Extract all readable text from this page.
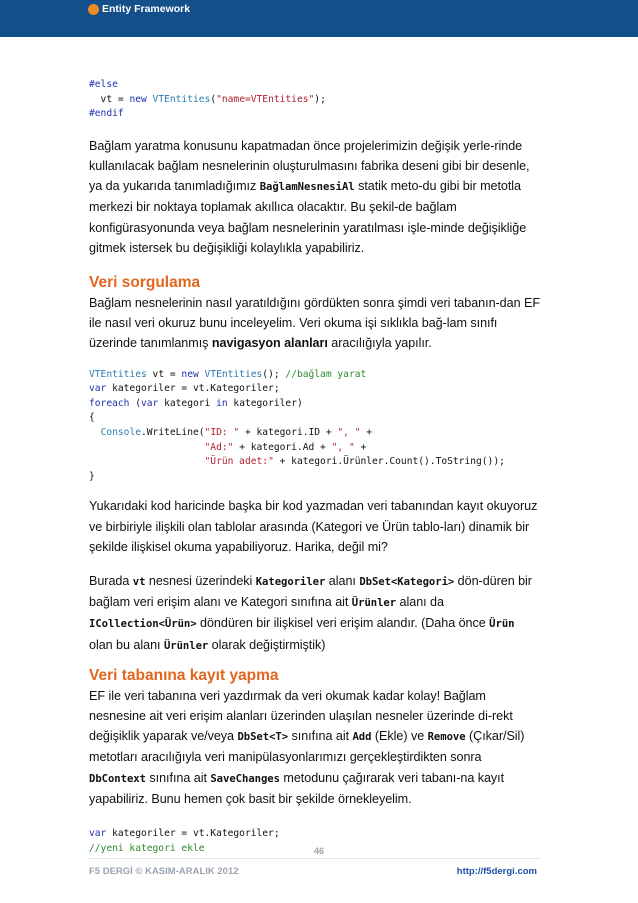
Entity Framework
#else
vt = new VTEntities("name=VTEntities");
#endif

Bağlam yaratma konusunu kapatmadan önce projelerimizin değişik yerle-rinde kullanılacak bağlam nesnelerinin oluşturulmasını fabrika deseni gibi bir desenle, ya da yukarıda tanımladığımız BağlamNesnesiAl statik meto-du gibi bir metotla merkezi bir noktaya toplamak akıllıca olacaktır. Bu şekil-de bağlam konfigürasyonunda veya bağlam nesnelerinin yaratılması işle-minde değişikliğe gitmek istersek bu değişikliği kolaylıkla yapabiliriz.

Veri sorgulama

Bağlam nesnelerinin nasıl yaratıldığını gördükten sonra şimdi veri tabanın-dan EF ile nasıl veri okuruz bunu inceleyelim. Veri okuma işi sıklıkla bağ-lam sınıfı üzerinde tanımlanmış navigasyon alanları aracılığıyla yapılır.

VTEntities vt = new VTEntities(); //bağlam yarat
var kategoriler = vt.Kategoriler;
foreach (var kategori in kategoriler)
{
Console.WriteLine("ID: " + kategori.ID + ", " +
"Ad:" + kategori.Ad + ", " +
"Ürün adet:" + kategori.Ürünler.Count().ToString());
}

Yukarıdaki kod haricinde başka bir kod yazmadan veri tabanından kayıt okuyoruz ve birbiriyle ilişkili olan tablolar arasında (Kategori ve Ürün tablo-ları) dinamik bir şekilde ilişkisel okuma yapabiliyoruz. Harika, değil mi?

Burada vt nesnesi üzerindeki Kategoriler alanı DbSet<Kategori> dön-düren bir bağlam veri erişim alanı ve Kategori sınıfına ait Ürünler alanı da ICollection<Ürün> döndüren bir ilişkisel veri erişim alandır. (Daha önce Ürün olan bu alanı Ürünler olarak değiştirmiştik)

Veri tabanına kayıt yapma

EF ile veri tabanına veri yazdırmak da veri okumak kadar kolay! Bağlam nesnesine ait veri erişim alanları üzerinden ulaşılan nesneler üzerinde di-rekt değişiklik yaparak ve/veya DbSet<T> sınıfına ait Add (Ekle) ve Remove (Çıkar/Sil) metotları aracılığıyla veri manipülasyonlarımızı gerçekleştirdikten sonra DbContext sınıfına ait SaveChanges metodunu çağırarak veri tabanı-na kayıt yapabiliriz. Bunu hemen çok basit bir şekilde örnekleyelim.

var kategoriler = vt.Kategoriler;
//yeni kategori ekle	46
F5 DERGİ © KASIM-ARALIK 2012	http://f5dergi.com
